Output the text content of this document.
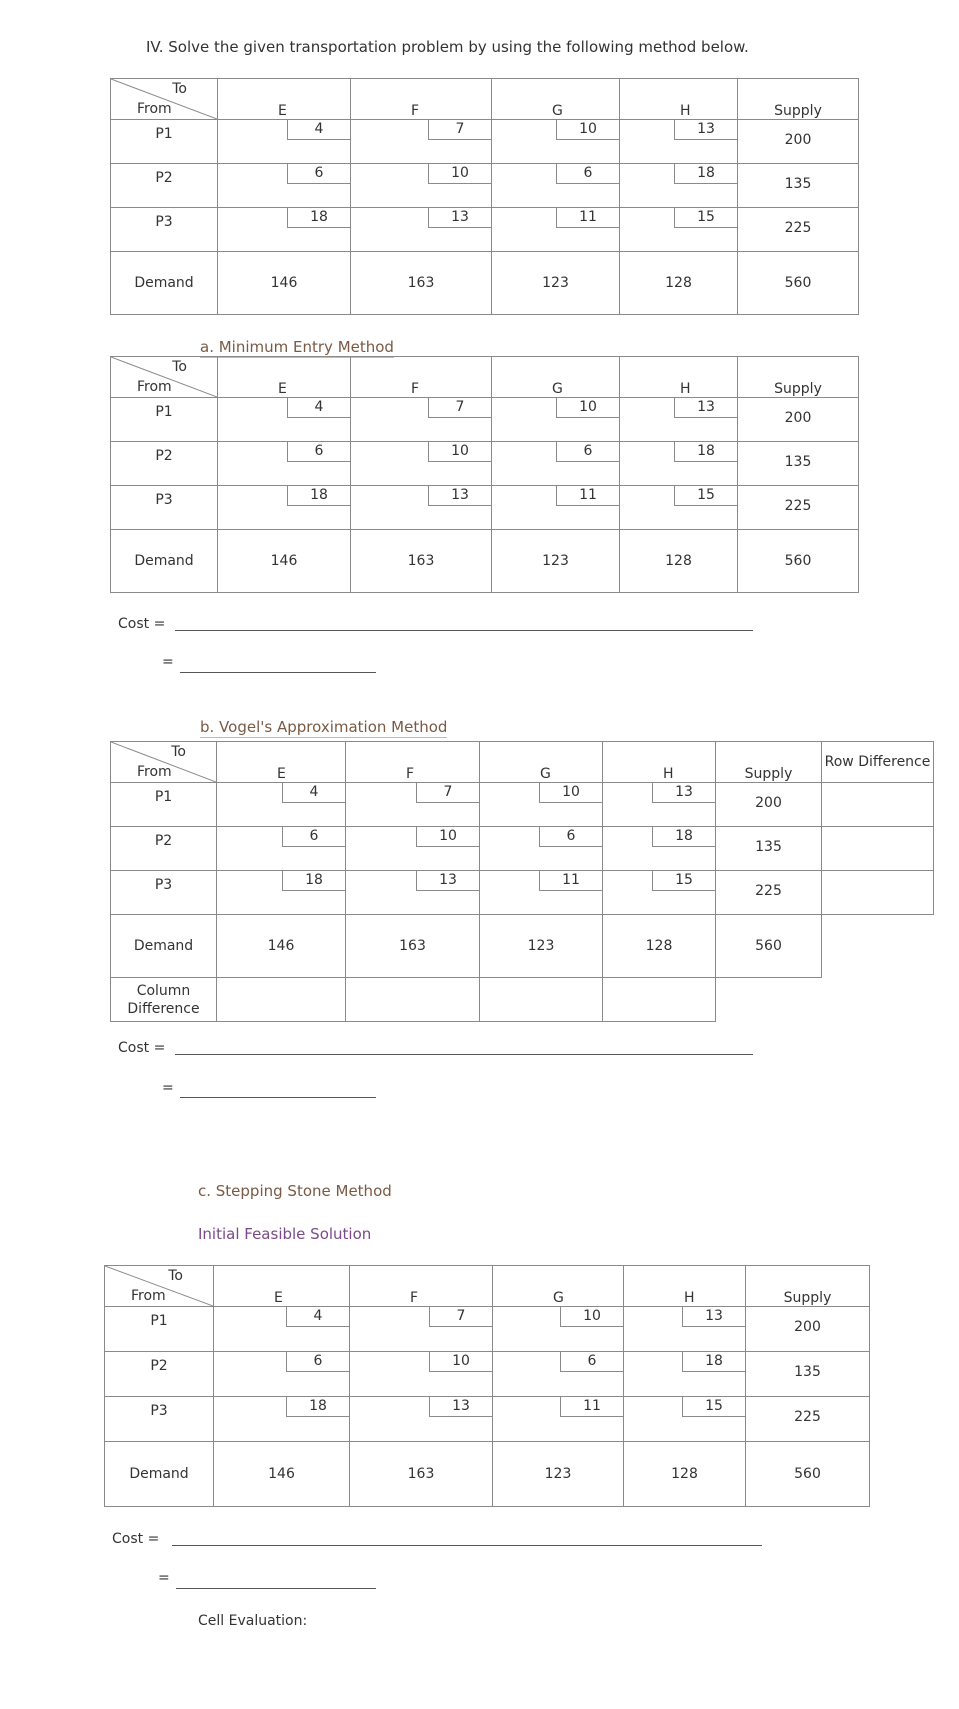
IV. Solve the given transportation problem by using the following method below.
To
From	E	F	G	H	Supply

P1	4	7	10	13	200
P2	6	10	6	18	135
P3	18	13	11	15	225
Demand	146	163	123	128	560
a. Minimum Entry Method
To
From	E	F	G	H	Supply

P1	4	7	10	13	200
P2	6	10	6	18	135
P3	18	13	11	15	225
Demand	146	163	123	128	560
Cost =
=
b. Vogel's Approximation Method
To
From	E	F	G	H	Supply	Row Difference
P1	4	7	10	13	200	
P2	6	10	6	18	135	
P3	18	13	11	15	225	
Demand	146	163	123	128	560	
Column Difference						
Cost =
=
c. Stepping Stone Method
Initial Feasible Solution
To
From	E	F	G	H	Supply

P1	4	7	10	13	200
P2	6	10	6	18	135
P3	18	13	11	15	225
Demand	146	163	123	128	560
Cost =
=
Cell Evaluation:
